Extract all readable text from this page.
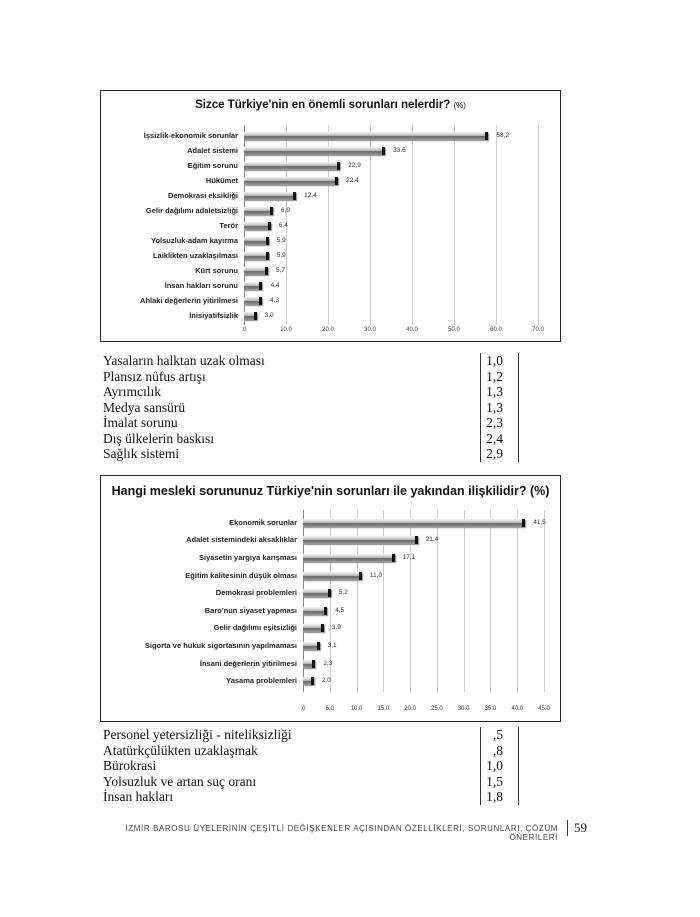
Sizce Türkiye'nin en önemli sorunları nelerdir? (%)
.0	10.0	20.0	30.0	40.0	50.0	60.0	70.0
İşsizlik-ekonomik sorunlar	58,2
Adalet sistemi	33.6
Eğitim sorunu	22,9
Hükümet	22.4
Demokrasi eksikliği	12.4
Gelir dağılımı adaletsizliği	6,9
Terör	6.4
Yolsuzluk-adam kayırma	5,9
Laiklikten uzaklaşılması	5,9
Kürt sorunu	5,7
İnsan hakları sorunu	4,4
Ahlaki değerlerin yitirilmesi	4,3
İnisiyatifsizlik	3,0
Yasaların halktan uzak olması	1,0
Plansız nüfus artışı	1,2
Ayrımcılık	1,3
Medya sansürü	1,3
İmalat sorunu	2,3
Dış ülkelerin baskısı	2,4
Sağlık sistemi	2,9
Hangi mesleki sorununuz Türkiye'nin sorunları ile yakından ilişkilidir? (%)
.0	5.0	10.0	15.0	20.0	25.0	30.0	35.0	40.0	45.0
Ekonomik sorunlar	41,5
Adalet sistemindeki aksaklıklar	21.4
Siyasetin yargıya karışması	17,1
Eğitim kalitesinin düşük olması	11,0
Demokrasi problemleri	5,2
Baro'nun siyaset yapması	4,5
Gelir dağılımı eşitsizliği	3,9
Sigorta ve hukuk sigortasının yapılmaması	3,1
İnsani değerlerin yitirilmesi	2,3
Yasama problemleri	2,0
Personel yetersizliği - niteliksizliği	,5
Atatürkçülükten uzaklaşmak	,8
Bürokrasi	1,0
Yolsuzluk ve artan suç oranı	1,5
İnsan hakları	1,8
İZMİR BAROSU ÜYELERİNİN ÇEŞİTLİ DEĞİŞKENLER AÇISINDAN ÖZELLİKLERİ, SORUNLARI, ÇÖZÜM ÖNERİLERİ
59
